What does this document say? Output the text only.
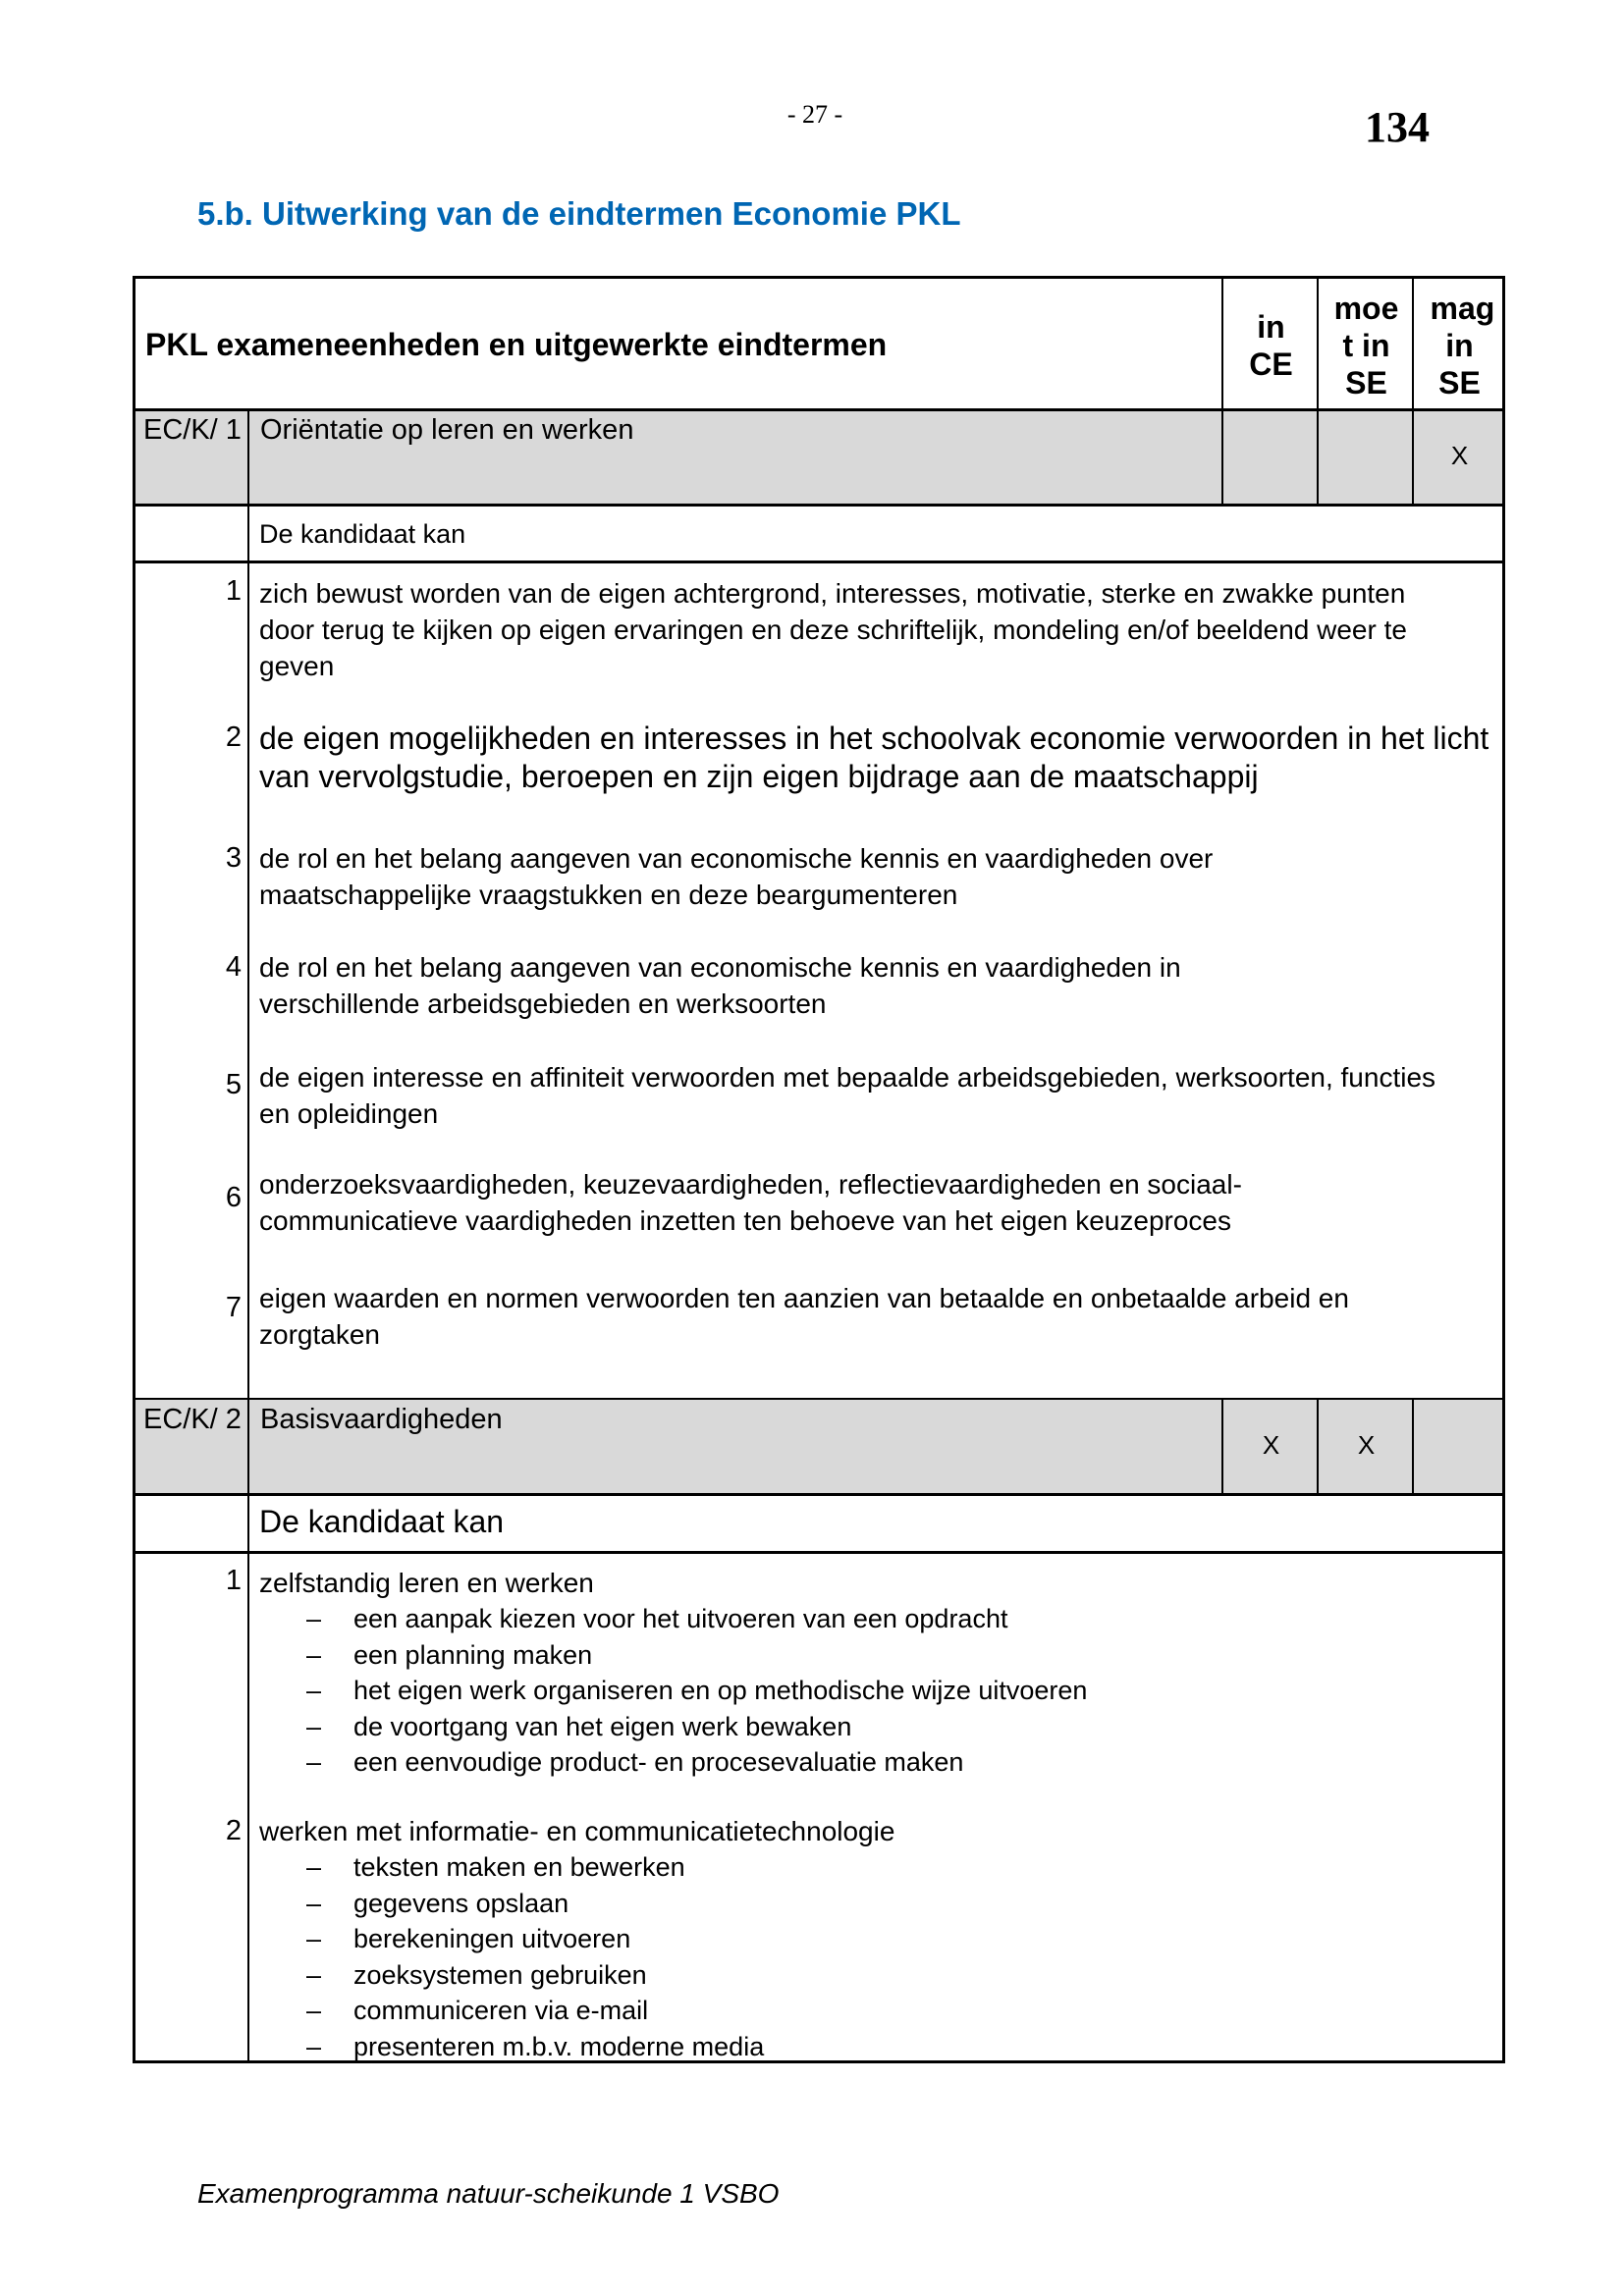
- 27 -	134
5.b. Uitwerking van de eindtermen Economie PKL
PKL exameneenheden en uitgewerkte eindtermen
in CE
moet in SE
mag in SE
EC/K/ 1 Oriëntatie op leren en werken
X
De kandidaat kan
1 zich bewust worden van de eigen achtergrond, interesses, motivatie, sterke en zwakke punten door terug te kijken op eigen ervaringen en deze schriftelijk, mondeling en/of beeldend weer te geven
2 de eigen mogelijkheden en interesses in het schoolvak economie verwoorden in het licht van vervolgstudie, beroepen en zijn eigen bijdrage aan de maatschappij
3 de rol en het belang aangeven van economische kennis en vaardigheden over maatschappelijke vraagstukken en deze beargumenteren
4 de rol en het belang aangeven van economische kennis en vaardigheden in verschillende arbeidsgebieden en werksoorten
5 de eigen interesse en affiniteit verwoorden met bepaalde arbeidsgebieden, werksoorten, functies en opleidingen
6 onderzoeksvaardigheden, keuzevaardigheden, reflectievaardigheden en sociaal-communicatieve vaardigheden inzetten ten behoeve van het eigen keuzeproces
7 eigen waarden en normen verwoorden ten aanzien van betaalde en onbetaalde arbeid en zorgtaken
EC/K/ 2 Basisvaardigheden
X	X
De kandidaat kan
1 zelfstandig leren en werken
– een aanpak kiezen voor het uitvoeren van een opdracht
– een planning maken
– het eigen werk organiseren en op methodische wijze uitvoeren
– de voortgang van het eigen werk bewaken
– een eenvoudige product- en procesevaluatie maken
2 werken met informatie- en communicatietechnologie
– teksten maken en bewerken
– gegevens opslaan
– berekeningen uitvoeren
– zoeksystemen gebruiken
– communiceren via e-mail
– presenteren m.b.v. moderne media
Examenprogramma natuur-scheikunde 1 VSBO
